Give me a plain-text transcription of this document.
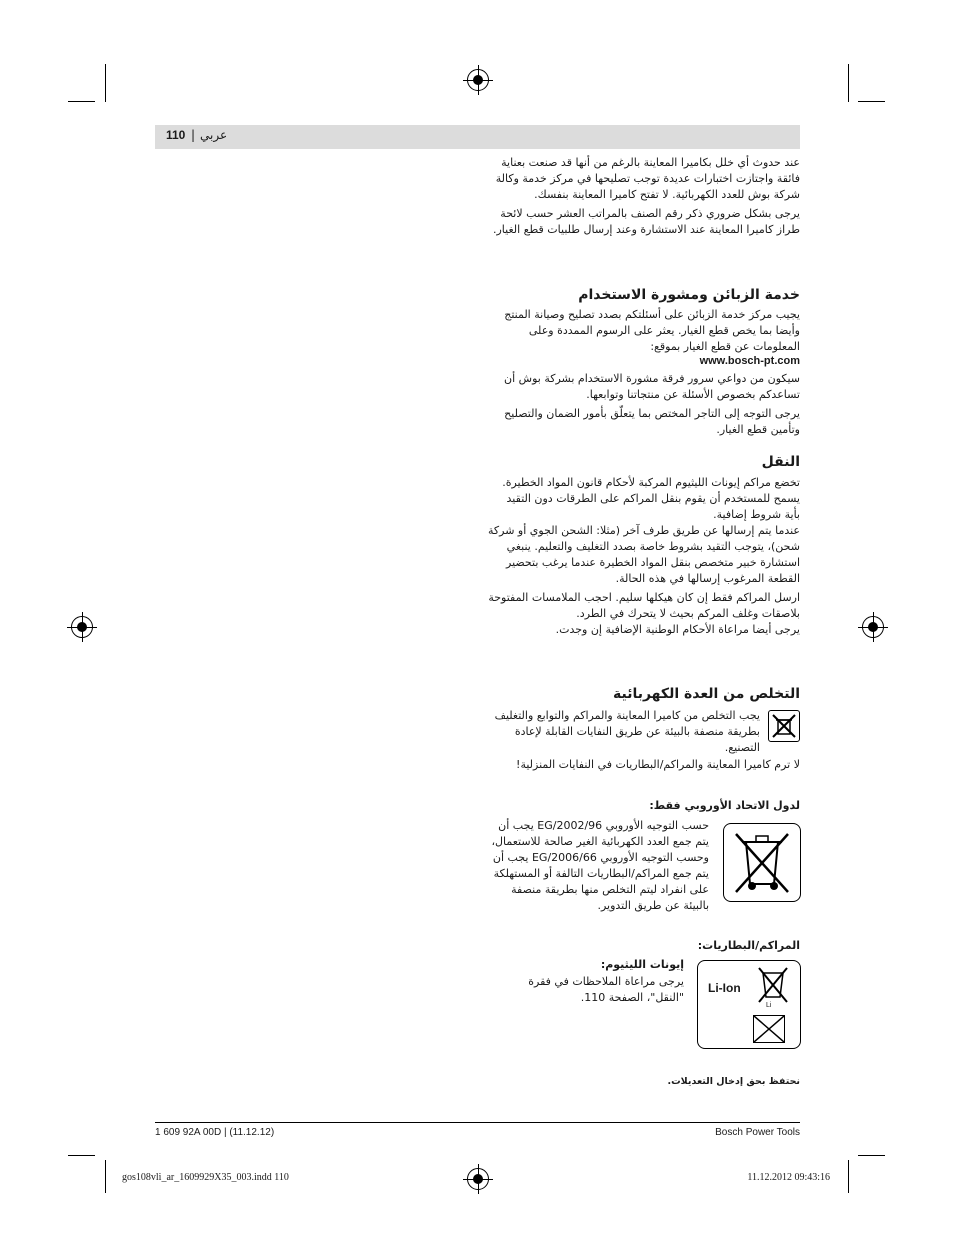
110 | عربي

عند حدوث أي خلل بكاميرا المعاينة بالرغم من أنها قد صنعت بعناية فائقة واجتازت اختبارات عديدة توجب تصليحها في مركز خدمة وكالة شركة بوش للعدد الكهربائية. لا تفتح كاميرا المعاينة بنفسك.

يرجى بشكل ضروري ذكر رقم الصنف بالمراتب العشر حسب لائحة طراز كاميرا المعاينة عند الاستشارة وعند إرسال طلبيات قطع الغيار.

خدمة الزبائن ومشورة الاستخدام

يجيب مركز خدمة الزبائن على أسئلتكم بصدد تصليح وصيانة المنتج وأيضا بما يخص قطع الغيار. يعثر على الرسوم الممددة وعلى المعلومات عن قطع الغيار بموقع:

www.bosch-pt.com

سيكون من دواعي سرور فرقة مشورة الاستخدام بشركة بوش أن تساعدكم بخصوص الأسئلة عن منتجاتنا وتوابعها.

يرجى التوجه إلى التاجر المختص بما يتعلّق بأمور الضمان والتصليح وتأمين قطع الغيار.

النقل

تخضع مراكم إيونات الليثيوم المركبة لأحكام قانون المواد الخطيرة. يسمح للمستخدم أن يقوم بنقل المراكم على الطرقات دون التقيد بأية شروط إضافية.

عندما يتم إرسالها عن طريق طرف آخر (مثلا: الشحن الجوي أو شركة شحن)، يتوجب التقيد بشروط خاصة بصدد التغليف والتعليم. ينبغي استشارة خبير متخصص بنقل المواد الخطيرة عندما يرغب بتحضير القطعة المرغوب إرسالها في هذه الحالة.

ارسل المراكم فقط إن كان هيكلها سليم. احجب الملامسات المفتوحة بلاصقات وغلف المركم بحيث لا يتحرك في الطرد.

يرجى أيضا مراعاة الأحكام الوطنية الإضافية إن وجدت.

التخلص من العدة الكهربائية

يجب التخلص من كاميرا المعاينة والمراكم والتوابع والتغليف بطريقة منصفة بالبيئة عن طريق النفايات القابلة لإعادة التصنيع.

لا ترم كاميرا المعاينة والمراكم/البطاريات في النفايات المنزلية!

لدول الاتحاد الأوروبي فقط:

حسب التوجيه الأوروبي 2002/96/EG يجب أن يتم جمع العدد الكهربائية الغير صالحة للاستعمال، وحسب التوجيه الأوروبي 2006/66/EG يجب أن يتم جمع المراكم/البطاريات التالفة أو المستهلكة على انفراد ليتم التخلص منها بطريقة منصفة بالبيئة عن طريق التدوير.

المراكم/البطاريات:

Li-Ion
Li

إيونات الليثيوم:

يرجى مراعاة الملاحظات في فقرة "النقل"، الصفحة 110.

نحتفظ بحق إدخال التعديلات.

1 609 92A 00D | (11.12.12)	Bosch Power Tools
gos108vli_ar_1609929X35_003.indd 110	11.12.2012 09:43:16
